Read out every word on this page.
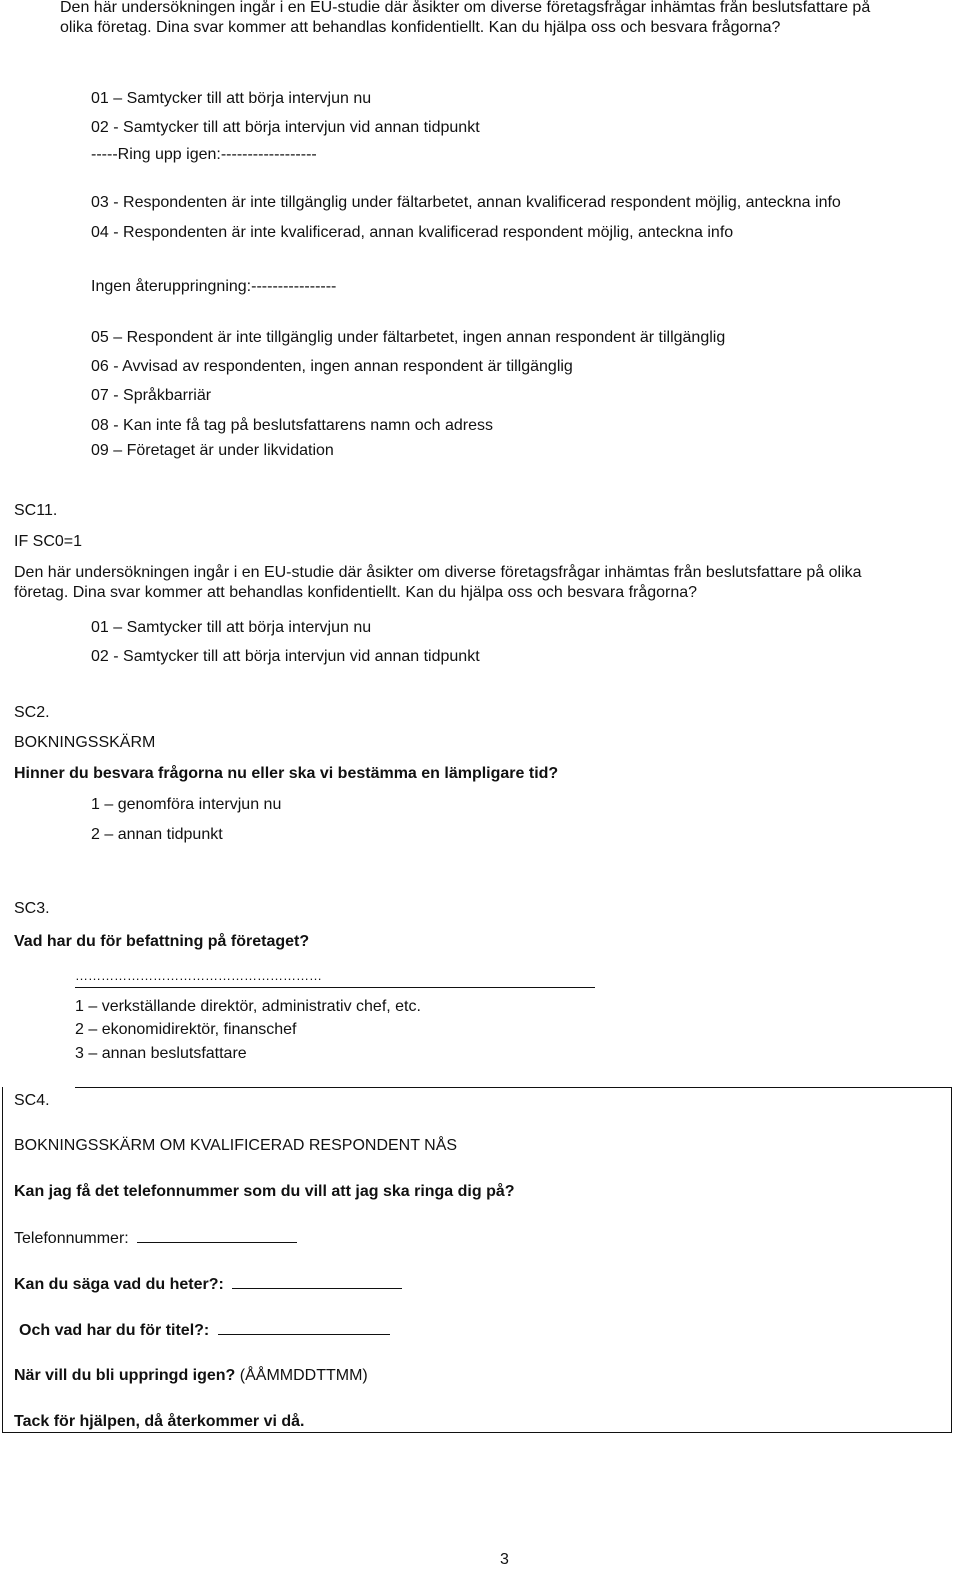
Den här undersökningen ingår i en EU-studie där åsikter om diverse företagsfrågar inhämtas från beslutsfattare på
olika företag. Dina svar kommer att behandlas konfidentiellt. Kan du hjälpa oss och besvara frågorna?
01 – Samtycker till att börja intervjun nu
02 - Samtycker till att börja intervjun vid annan tidpunkt
-----Ring upp igen:------------------
03 - Respondenten är inte tillgänglig under fältarbetet, annan kvalificerad respondent möjlig, anteckna info
04 - Respondenten är inte kvalificerad, annan kvalificerad respondent möjlig, anteckna info
Ingen återuppringning:----------------
05 – Respondent är inte tillgänglig under fältarbetet, ingen annan respondent är tillgänglig
06 - Avvisad av respondenten, ingen annan respondent är tillgänglig
07 - Språkbarriär
08 - Kan inte få tag på beslutsfattarens namn och adress
09 – Företaget är under likvidation
SC11.
IF SC0=1
Den här undersökningen ingår i en EU-studie där åsikter om diverse företagsfrågar inhämtas från beslutsfattare på olika
företag. Dina svar kommer att behandlas konfidentiellt. Kan du hjälpa oss och besvara frågorna?
01 – Samtycker till att börja intervjun nu
02 - Samtycker till att börja intervjun vid annan tidpunkt
SC2.
BOKNINGSSKÄRM
Hinner du besvara frågorna nu eller ska vi bestämma en lämpligare tid?
1 – genomföra intervjun nu
2 – annan tidpunkt
SC3.
Vad har du för befattning på företaget?
…………………………………………………
1 – verkställande direktör, administrativ chef, etc.
2 – ekonomidirektör, finanschef
3 – annan beslutsfattare
SC4.
BOKNINGSSKÄRM OM KVALIFICERAD RESPONDENT NÅS
Kan jag få det telefonnummer som du vill att jag ska ringa dig på?
Telefonnummer:
Kan du säga vad du heter?:
Och vad har du för titel?:
När vill du bli uppringd igen? (ÅÅMMDDTTMM)
Tack för hjälpen, då återkommer vi då.
3
